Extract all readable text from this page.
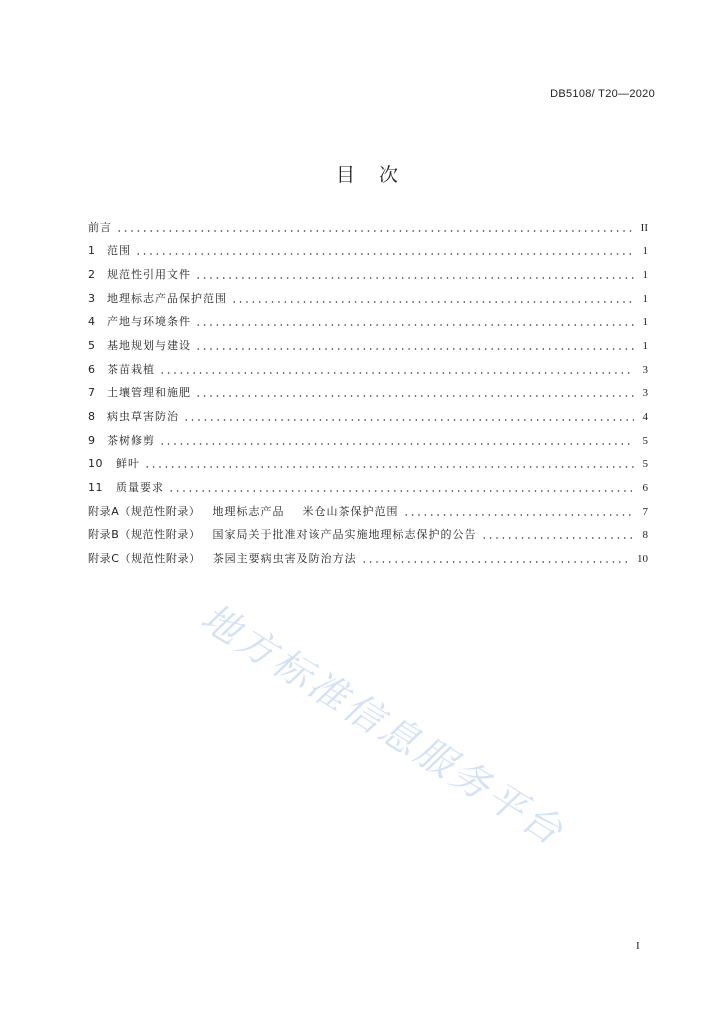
DB5108/ T20—2020
目  次
前言	II
1	范围	1
2	规范性引用文件	1
3	地理标志产品保护范围	1
4	产地与环境条件	1
5	基地规划与建设	1
6	茶苗栽植	3
7	土壤管理和施肥	3
8	病虫草害防治	4
9	茶树修剪	5
10 鲜叶	5
11 质量要求	6
附录A（规范性附录） 地理标志产品    米仓山茶保护范围	7
附录B（规范性附录） 国家局关于批准对该产品实施地理标志保护的公告	8
附录C（规范性附录） 茶园主要病虫害及防治方法	10
地方标准信息服务平台
I
